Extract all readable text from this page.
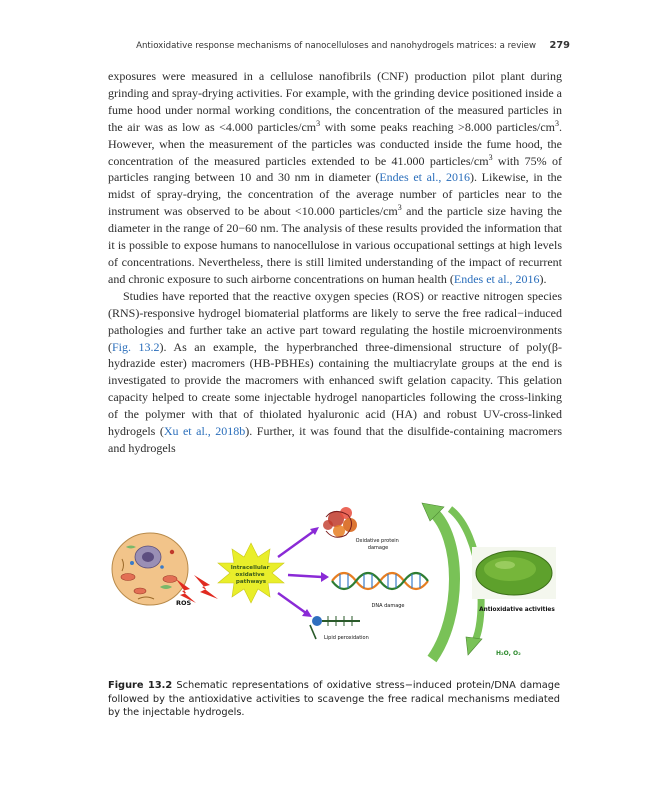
Antioxidative response mechanisms of nanocelluloses and nanohydrogels matrices: a review 279

exposures were measured in a cellulose nanofibrils (CNF) production pilot plant during grinding and spray-drying activities. For example, with the grinding device positioned inside a fume hood under normal working conditions, the concentration of the measured particles in the air was as low as <4.000 particles/$cm^3$ with some peaks reaching >8.000 particles/$cm^3$. However, when the measurement of the particles was conducted inside the fume hood, the concentration of the measured particles extended to be 41.000 particles/$cm^3$ with 75% of particles ranging between 10 and 30 nm in diameter (Endes et al., 2016). Likewise, in the midst of spray-drying, the concentration of the average number of particles near to the instrument was observed to be about <10.000 particles/$cm^3$ and the particle size having the diameter in the range of 20−60 nm. The analysis of these results provided the information that it is possible to expose humans to nanocellulose in various occupational settings at high levels of concentrations. Nevertheless, there is still limited understanding of the impact of recurrent and chronic exposure to such airborne concentrations on human health (Endes et al., 2016).

Studies have reported that the reactive oxygen species (ROS) or reactive nitrogen species (RNS)-responsive hydrogel biomaterial platforms are likely to serve the free radical−induced pathologies and further take an active part toward regulating the hostile microenvironments (Fig. 13.2). As an example, the hyperbranched three-dimensional structure of poly(β-hydrazide ester) macromers (HB-PBHEs) containing the multiacrylate groups at the end is investigated to provide the macromers with enhanced swift gelation capacity. This gelation capacity helped to create some injectable hydrogel nanoparticles following the cross-linking of the polymer with that of thiolated hyaluronic acid (HA) and robust UV-cross-linked hydrogels (Xu et al., 2018b). Further, it was found that the disulfide-containing macromers and hydrogels

ROS
Intracellular oxidative pathways
Oxidative protein damage
DNA damage
Lipid peroxidation
Antioxidative activities
H₂O, O₂
Figure 13.2 Schematic representations of oxidative stress−induced protein/DNA damage followed by the antioxidative activities to scavenge the free radical mechanisms mediated by the injectable hydrogels.
